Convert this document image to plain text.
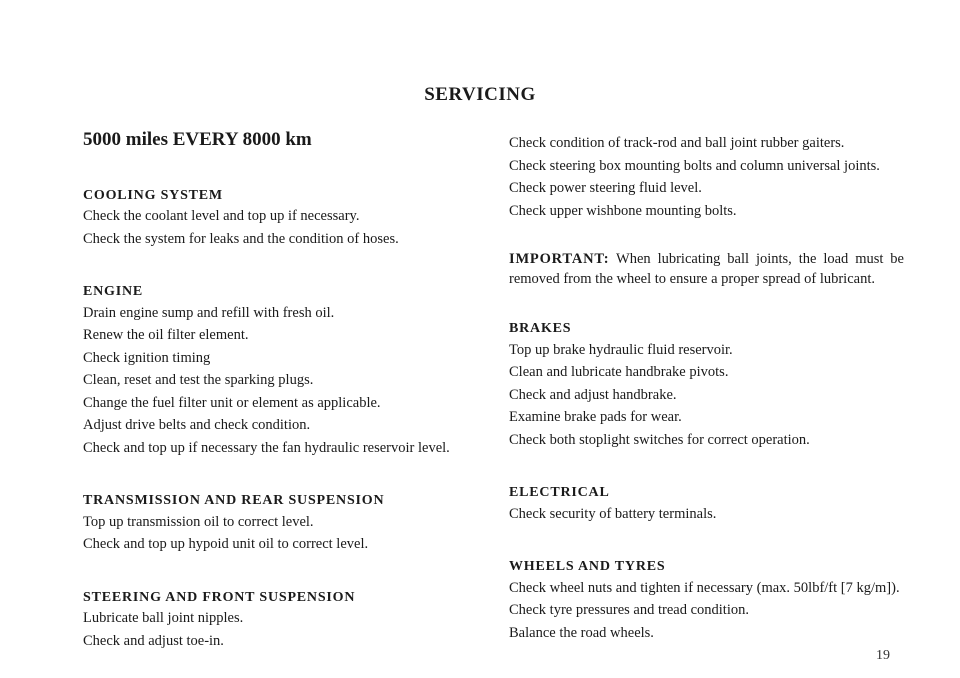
SERVICING
5000 miles EVERY 8000 km
COOLING SYSTEM
Check the coolant level and top up if necessary.
Check the system for leaks and the condition of hoses.
ENGINE
Drain engine sump and refill with fresh oil.
Renew the oil filter element.
Check ignition timing
Clean, reset and test the sparking plugs.
Change the fuel filter unit or element as applicable.
Adjust drive belts and check condition.
Check and top up if necessary the fan hydraulic reservoir level.
TRANSMISSION AND REAR SUSPENSION
Top up transmission oil to correct level.
Check and top up hypoid unit oil to correct level.
STEERING AND FRONT SUSPENSION
Lubricate ball joint nipples.
Check and adjust toe-in.
Check condition of track-rod and ball joint rubber gaiters.
Check steering box mounting bolts and column universal joints.
Check power steering fluid level.
Check upper wishbone mounting bolts.
IMPORTANT: When lubricating ball joints, the load must be removed from the wheel to ensure a proper spread of lubricant.
BRAKES
Top up brake hydraulic fluid reservoir.
Clean and lubricate handbrake pivots.
Check and adjust handbrake.
Examine brake pads for wear.
Check both stoplight switches for correct operation.
ELECTRICAL
Check security of battery terminals.
WHEELS AND TYRES
Check wheel nuts and tighten if necessary (max. 50lbf/ft [7 kg/m]).
Check tyre pressures and tread condition.
Balance the road wheels.
19
